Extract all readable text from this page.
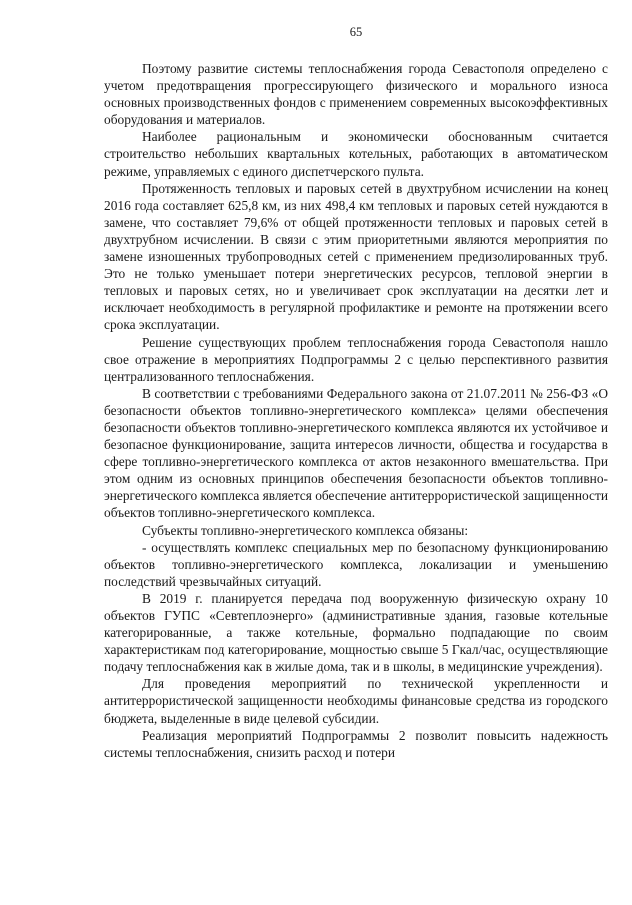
65

Поэтому развитие системы теплоснабжения города Севастополя определено с учетом предотвращения прогрессирующего физического и морального износа основных производственных фондов с применением современных высокоэффективных оборудования и материалов.

Наиболее рациональным и экономически обоснованным считается строительство небольших квартальных котельных, работающих в автоматическом режиме, управляемых с единого диспетчерского пульта.

Протяженность тепловых и паровых сетей в двухтрубном исчислении на конец 2016 года составляет 625,8 км, из них 498,4 км тепловых и паровых сетей нуждаются в замене, что составляет 79,6% от общей протяженности тепловых и паровых сетей в двухтрубном исчислении. В связи с этим приоритетными являются мероприятия по замене изношенных трубопроводных сетей с применением предизолированных труб. Это не только уменьшает потери энергетических ресурсов, тепловой энергии в тепловых и паровых сетях, но и увеличивает срок эксплуатации на десятки лет и исключает необходимость в регулярной профилактике и ремонте на протяжении всего срока эксплуатации.

Решение существующих проблем теплоснабжения города Севастополя нашло свое отражение в мероприятиях Подпрограммы 2 с целью перспективного развития централизованного теплоснабжения.

В соответствии с требованиями Федерального закона от 21.07.2011 № 256-ФЗ «О безопасности объектов топливно-энергетического комплекса» целями обеспечения безопасности объектов топливно-энергетического комплекса являются их устойчивое и безопасное функционирование, защита интересов личности, общества и государства в сфере топливно-энергетического комплекса от актов незаконного вмешательства. При этом одним из основных принципов обеспечения безопасности объектов топливно-энергетического комплекса является обеспечение антитеррористической защищенности объектов топливно-энергетического комплекса.

Субъекты топливно-энергетического комплекса обязаны:

- осуществлять комплекс специальных мер по безопасному функционированию объектов топливно-энергетического комплекса, локализации и уменьшению последствий чрезвычайных ситуаций.

В 2019 г. планируется передача под вооруженную физическую охрану 10 объектов ГУПС «Севтеплоэнерго» (административные здания, газовые котельные категорированные, а также котельные, формально подпадающие по своим характеристикам под категорирование, мощностью свыше 5 Гкал/час, осуществляющие подачу теплоснабжения как в жилые дома, так и в школы, в медицинские учреждения).

Для проведения мероприятий по технической укрепленности и антитеррористической защищенности необходимы финансовые средства из городского бюджета, выделенные в виде целевой субсидии.

Реализация мероприятий Подпрограммы 2 позволит повысить надежность системы теплоснабжения, снизить расход и потери
